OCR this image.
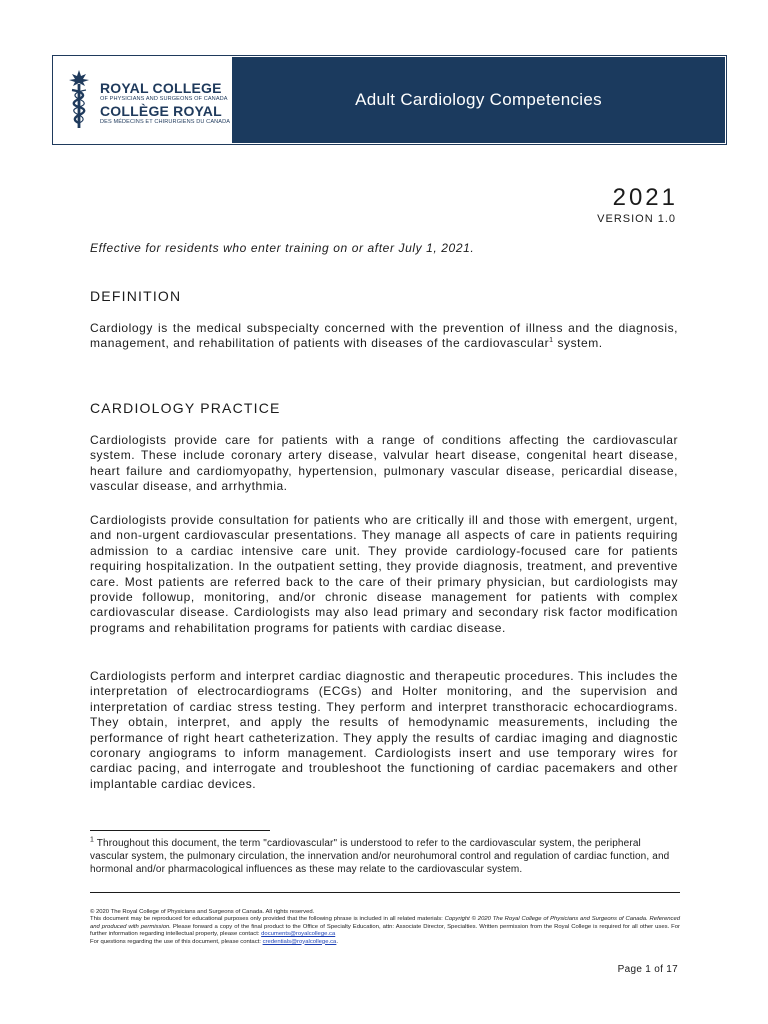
ROYAL COLLEGE
OF PHYSICIANS AND SURGEONS OF CANADA
COLLÈGE ROYAL
DES MÉDECINS ET CHIRURGIENS DU CANADA
Adult Cardiology Competencies
2021
VERSION 1.0
Effective for residents who enter training on or after July 1, 2021.
DEFINITION
Cardiology is the medical subspecialty concerned with the prevention of illness and the diagnosis, management, and rehabilitation of patients with diseases of the cardiovascular$^1$ system.
CARDIOLOGY PRACTICE
Cardiologists provide care for patients with a range of conditions affecting the cardiovascular system. These include coronary artery disease, valvular heart disease, congenital heart disease, heart failure and cardiomyopathy, hypertension, pulmonary vascular disease, pericardial disease, vascular disease, and arrhythmia.
Cardiologists provide consultation for patients who are critically ill and those with emergent, urgent, and non-urgent cardiovascular presentations. They manage all aspects of care in patients requiring admission to a cardiac intensive care unit. They provide cardiology-focused care for patients requiring hospitalization. In the outpatient setting, they provide diagnosis, treatment, and preventive care. Most patients are referred back to the care of their primary physician, but cardiologists may provide followup, monitoring, and/or chronic disease management for patients with complex cardiovascular disease. Cardiologists may also lead primary and secondary risk factor modification programs and rehabilitation programs for patients with cardiac disease.
Cardiologists perform and interpret cardiac diagnostic and therapeutic procedures. This includes the interpretation of electrocardiograms (ECGs) and Holter monitoring, and the supervision and interpretation of cardiac stress testing. They perform and interpret transthoracic echocardiograms. They obtain, interpret, and apply the results of hemodynamic measurements, including the performance of right heart catheterization. They apply the results of cardiac imaging and diagnostic coronary angiograms to inform management. Cardiologists insert and use temporary wires for cardiac pacing, and interrogate and troubleshoot the functioning of cardiac pacemakers and other implantable cardiac devices.
$^1$ Throughout this document, the term "cardiovascular" is understood to refer to the cardiovascular system, the peripheral vascular system, the pulmonary circulation, the innervation and/or neurohumoral control and regulation of cardiac function, and hormonal and/or pharmacological influences as these may relate to the cardiovascular system.
© 2020 The Royal College of Physicians and Surgeons of Canada. All rights reserved.
This document may be reproduced for educational purposes only provided that the following phrase is included in all related materials: Copyright © 2020 The Royal College of Physicians and Surgeons of Canada. Referenced and produced with permission. Please forward a copy of the final product to the Office of Specialty Education, attn: Associate Director, Specialties. Written permission from the Royal College is required for all other uses. For further information regarding intellectual property, please contact: documents@royalcollege.ca
For questions regarding the use of this document, please contact: credentials@royalcollege.ca.
Page 1 of 17
